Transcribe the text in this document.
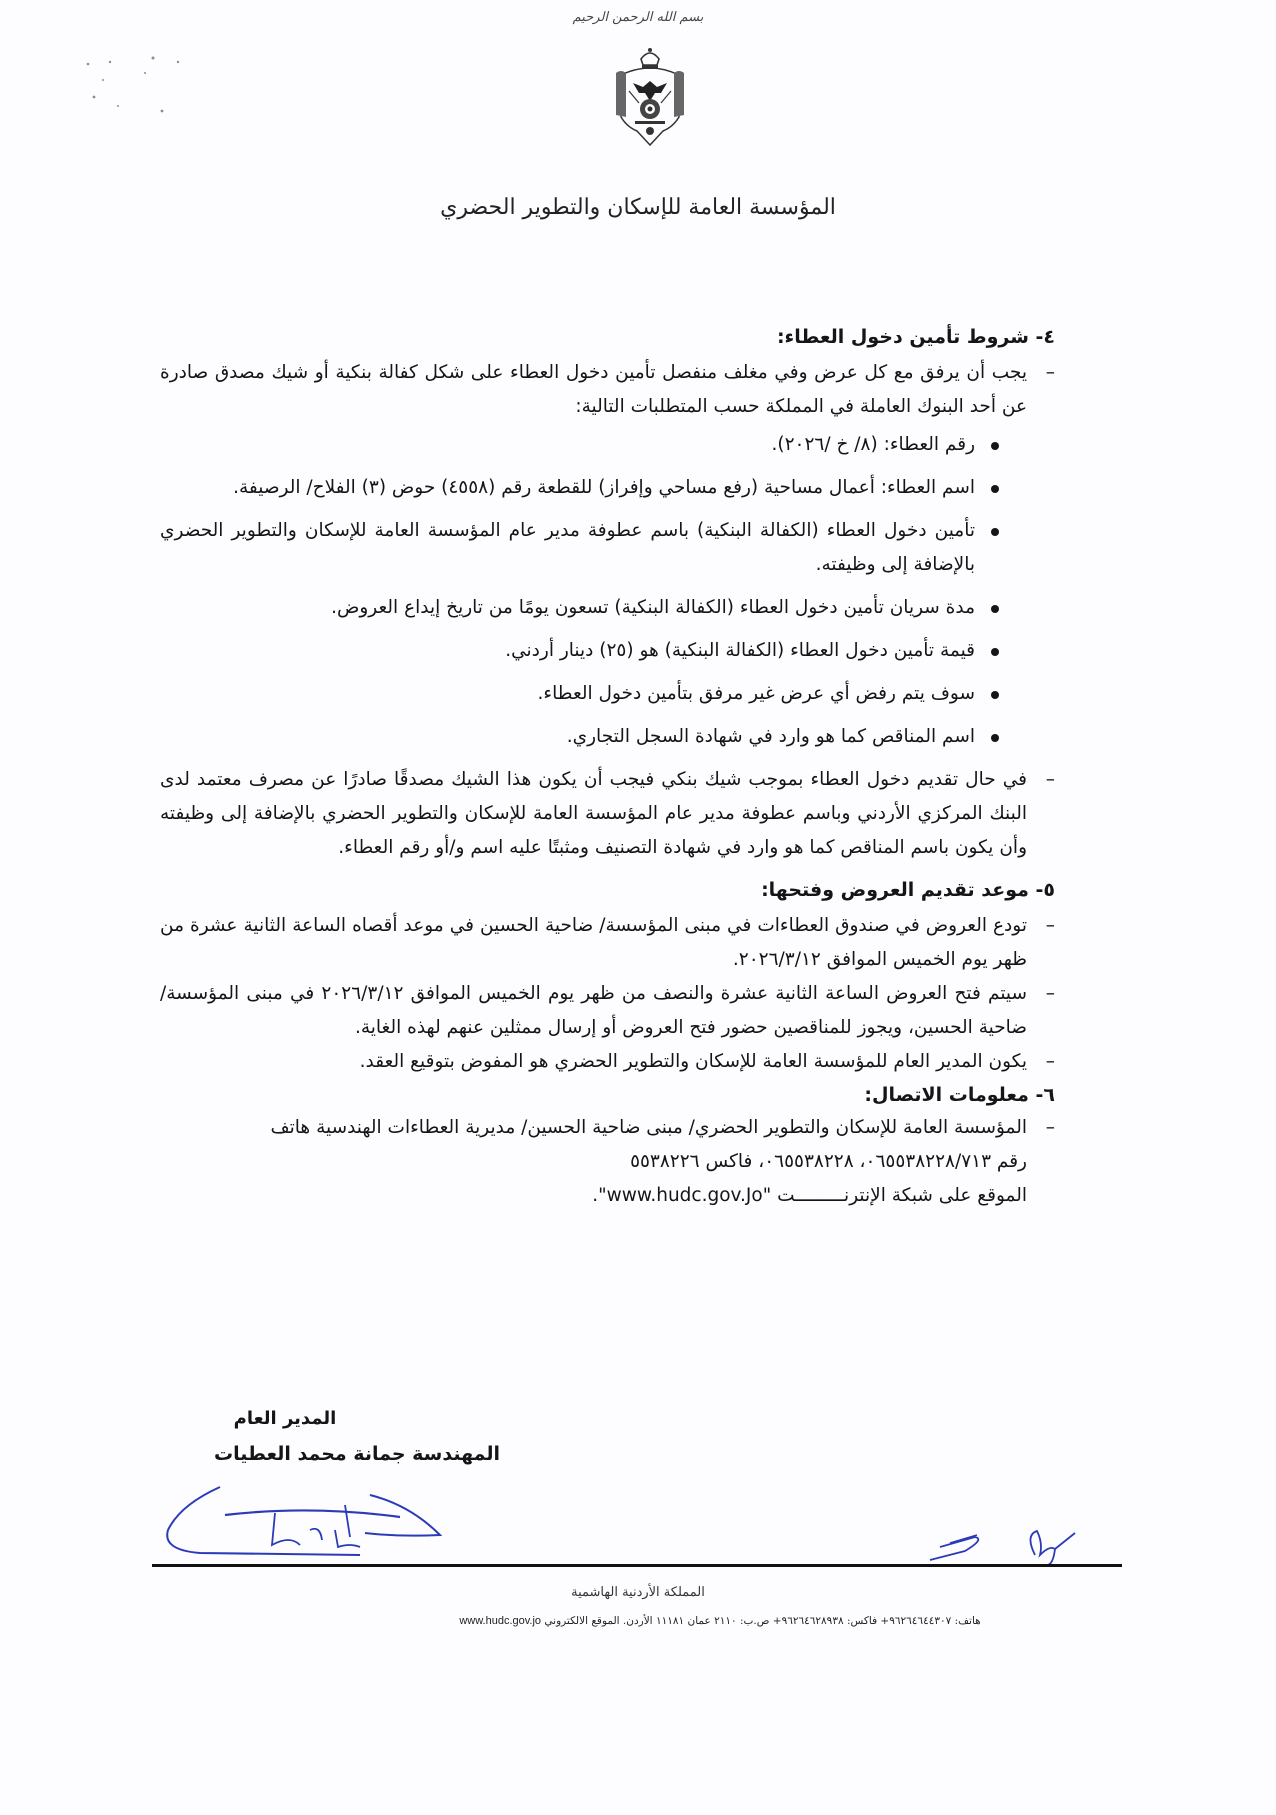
بسم الله الرحمن الرحيم
المؤسسة العامة للإسكان والتطوير الحضري
٤- شروط تأمين دخول العطاء:

–
يجب أن يرفق مع كل عرض وفي مغلف منفصل تأمين دخول العطاء على شكل كفالة بنكية أو شيك مصدق صادرة عن أحد البنوك العاملة في المملكة حسب المتطلبات التالية:

رقم العطاء: (٨/ خ /٢٠٢٦).
اسم العطاء: أعمال مساحية (رفع مساحي وإفراز) للقطعة رقم (٤٥٥٨) حوض (٣) الفلاح/ الرصيفة.
تأمين دخول العطاء (الكفالة البنكية) باسم عطوفة مدير عام المؤسسة العامة للإسكان والتطوير الحضري بالإضافة إلى وظيفته.
مدة سريان تأمين دخول العطاء (الكفالة البنكية) تسعون يومًا من تاريخ إيداع العروض.
قيمة تأمين دخول العطاء (الكفالة البنكية) هو (٢٥) دينار أردني.
سوف يتم رفض أي عرض غير مرفق بتأمين دخول العطاء.
اسم المناقص كما هو وارد في شهادة السجل التجاري.

–
في حال تقديم دخول العطاء بموجب شيك بنكي فيجب أن يكون هذا الشيك مصدقًا صادرًا عن مصرف معتمد لدى البنك المركزي الأردني وباسم عطوفة مدير عام المؤسسة العامة للإسكان والتطوير الحضري بالإضافة إلى وظيفته وأن يكون باسم المناقص كما هو وارد في شهادة التصنيف ومثبتًا عليه اسم و/أو رقم العطاء.

٥- موعد تقديم العروض وفتحها:

–
تودع العروض في صندوق العطاءات في مبنى المؤسسة/ ضاحية الحسين في موعد أقصاه الساعة الثانية عشرة من ظهر يوم الخميس الموافق ٢٠٢٦/٣/١٢.

–
سيتم فتح العروض الساعة الثانية عشرة والنصف من ظهر يوم الخميس الموافق ٢٠٢٦/٣/١٢ في مبنى المؤسسة/ ضاحية الحسين، ويجوز للمناقصين حضور فتح العروض أو إرسال ممثلين عنهم لهذه الغاية.

–
يكون المدير العام للمؤسسة العامة للإسكان والتطوير الحضري هو المفوض بتوقيع العقد.

٦- معلومات الاتصال:

–
المؤسسة العامة للإسكان والتطوير الحضري/ مبنى ضاحية الحسين/ مديرية العطاءات الهندسية هاتف
رقم ٠٦٥٥٣٨٢٢٨/٧١٣، ٠٦٥٥٣٨٢٢٨، فاكس ٥٥٣٨٢٢٦
الموقع على شبكة الإنترنـــــــــت "www.hudc.gov.Jo".

المدير العام
المهندسة جمانة محمد العطيات
المملكة الأردنية الهاشمية
هاتف: ٩٦٢٦٤٦٤٤٣٠٧+ فاكس: ٩٦٢٦٤٦٢٨٩٣٨+ ص.ب: ٢١١٠ عمان ١١١٨١ الأردن. الموقع الالكتروني www.hudc.gov.jo
